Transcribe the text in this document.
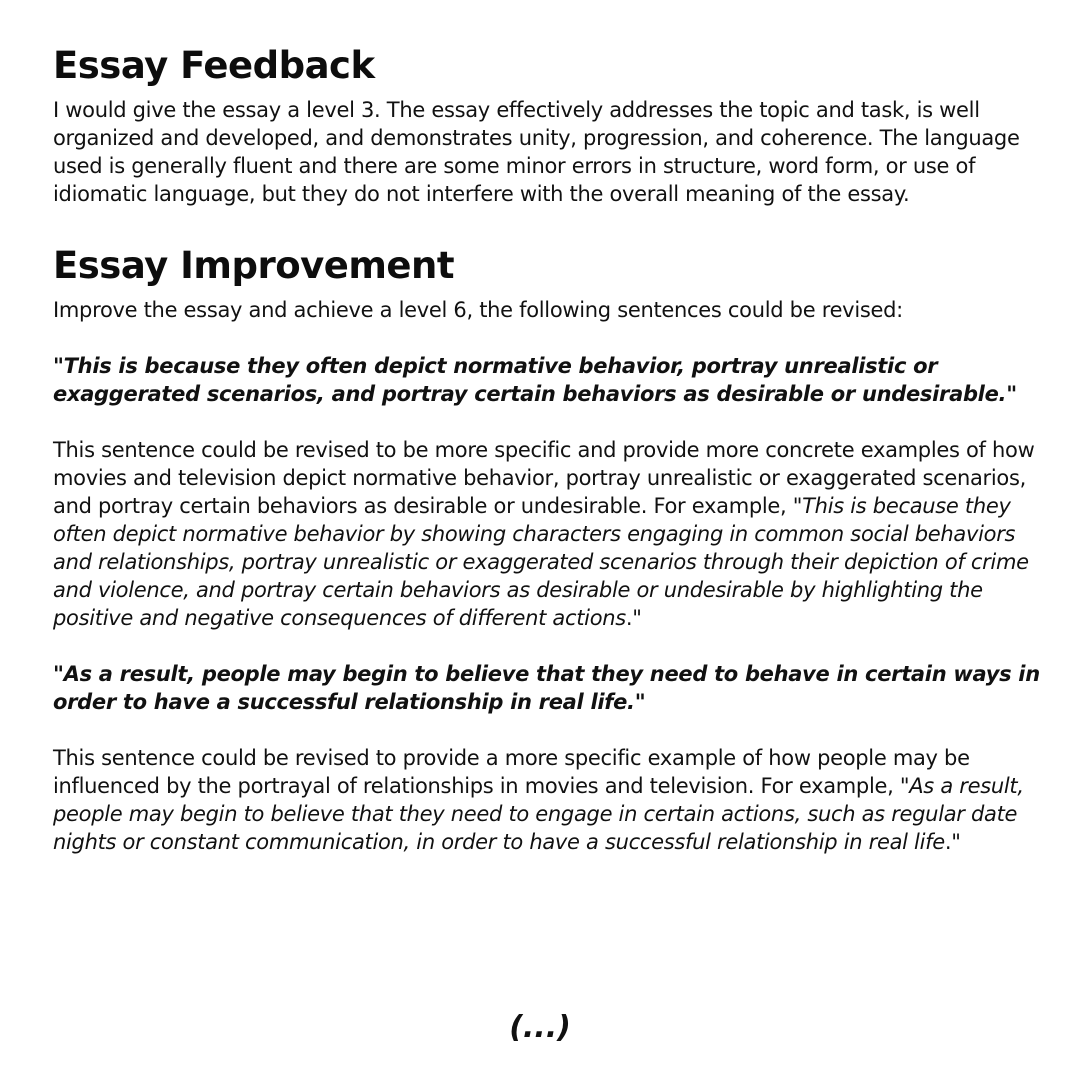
Essay Feedback

I would give the essay a level 3. The essay effectively addresses the topic and task, is well organized and developed, and demonstrates unity, progression, and coherence. The language used is generally fluent and there are some minor errors in structure, word form, or use of idiomatic language, but they do not interfere with the overall meaning of the essay.

Essay Improvement

Improve the essay and achieve a level 6, the following sentences could be revised:

"This is because they often depict normative behavior, portray unrealistic or exaggerated scenarios, and portray certain behaviors as desirable or undesirable."

This sentence could be revised to be more specific and provide more concrete examples of how movies and television depict normative behavior, portray unrealistic or exaggerated scenarios, and portray certain behaviors as desirable or undesirable. For example, "This is because they often depict normative behavior by showing characters engaging in common social behaviors and relationships, portray unrealistic or exaggerated scenarios through their depiction of crime and violence, and portray certain behaviors as desirable or undesirable by highlighting the positive and negative consequences of different actions."

"As a result, people may begin to believe that they need to behave in certain ways in order to have a successful relationship in real life."

This sentence could be revised to provide a more specific example of how people may be influenced by the portrayal of relationships in movies and television. For example, "As a result, people may begin to believe that they need to engage in certain actions, such as regular date nights or constant communication, in order to have a successful relationship in real life."

(...)
